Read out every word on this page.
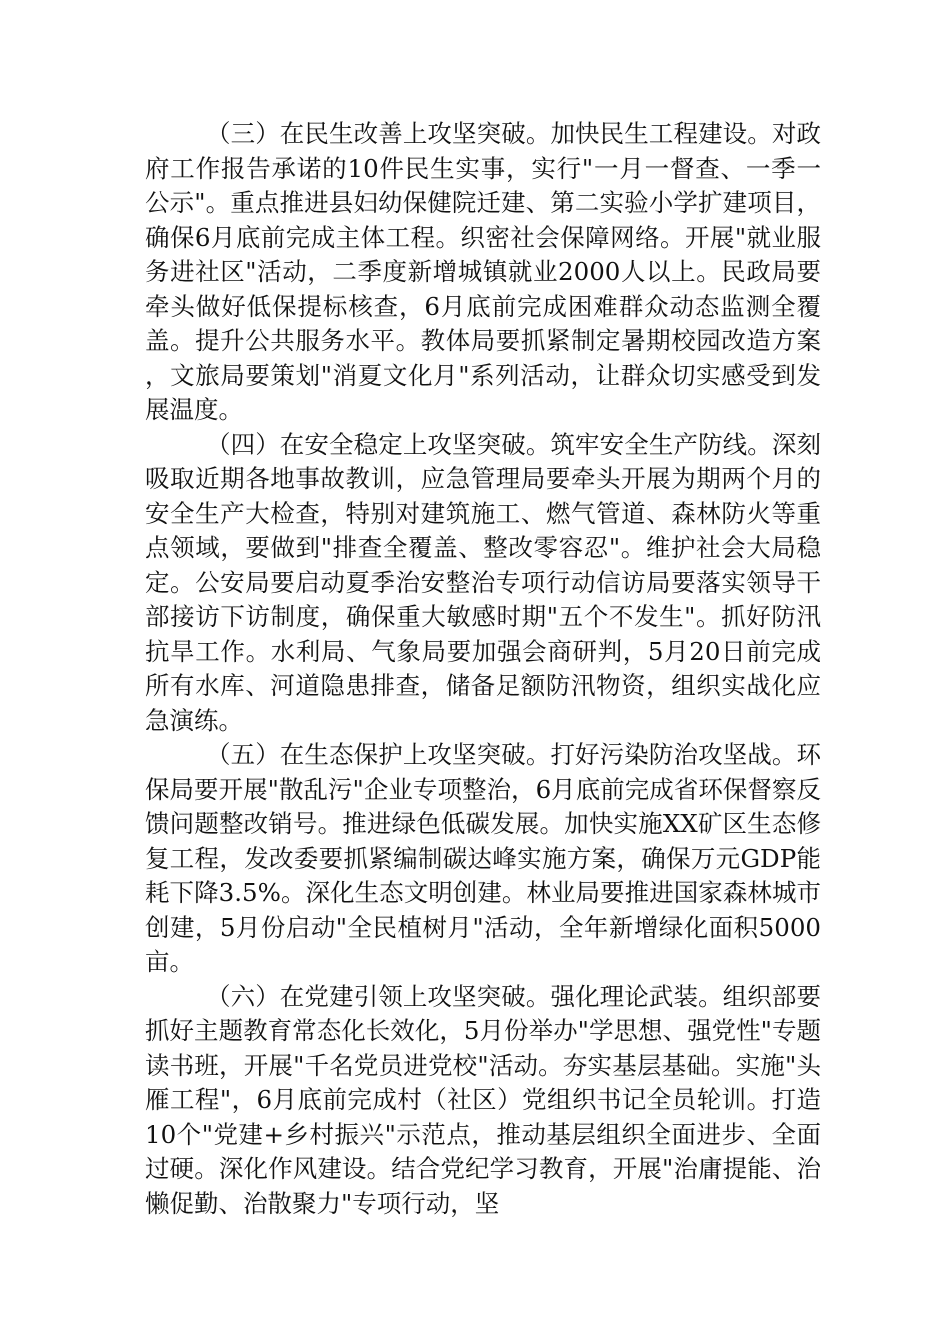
（三）在民生改善上攻坚突破。加快民生工程建设。对政府工作报告承诺的10件民生实事，实行"一月一督查、一季一公示"。重点推进县妇幼保健院迁建、第二实验小学扩建项目，确保6月底前完成主体工程。织密社会保障网络。开展"就业服务进社区"活动，二季度新增城镇就业2000人以上。民政局要牵头做好低保提标核查，6月底前完成困难群众动态监测全覆盖。提升公共服务水平。教体局要抓紧制定暑期校园改造方案，文旅局要策划"消夏文化月"系列活动，让群众切实感受到发展温度。

（四）在安全稳定上攻坚突破。筑牢安全生产防线。深刻吸取近期各地事故教训，应急管理局要牵头开展为期两个月的安全生产大检查，特别对建筑施工、燃气管道、森林防火等重点领域，要做到"排查全覆盖、整改零容忍"。维护社会大局稳定。公安局要启动夏季治安整治专项行动信访局要落实领导干部接访下访制度，确保重大敏感时期"五个不发生"。抓好防汛抗旱工作。水利局、气象局要加强会商研判，5月20日前完成所有水库、河道隐患排查，储备足额防汛物资，组织实战化应急演练。

（五）在生态保护上攻坚突破。打好污染防治攻坚战。环保局要开展"散乱污"企业专项整治，6月底前完成省环保督察反馈问题整改销号。推进绿色低碳发展。加快实施XX矿区生态修复工程，发改委要抓紧编制碳达峰实施方案，确保万元GDP能耗下降3.5%。深化生态文明创建。林业局要推进国家森林城市创建，5月份启动"全民植树月"活动，全年新增绿化面积5000亩。

（六）在党建引领上攻坚突破。强化理论武装。组织部要抓好主题教育常态化长效化，5月份举办"学思想、强党性"专题读书班，开展"千名党员进党校"活动。夯实基层基础。实施"头雁工程"，6月底前完成村（社区）党组织书记全员轮训。打造10个"党建+乡村振兴"示范点，推动基层组织全面进步、全面过硬。深化作风建设。结合党纪学习教育，开展"治庸提能、治懒促勤、治散聚力"专项行动，坚
